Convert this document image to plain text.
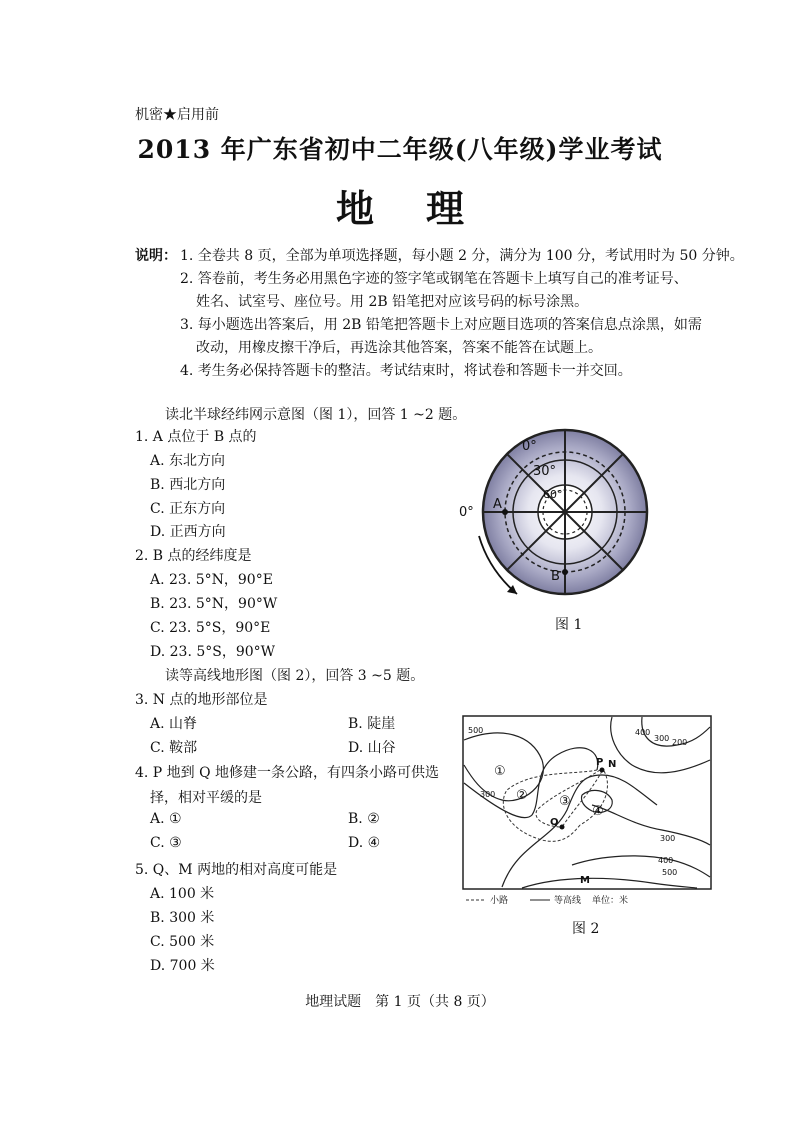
机密★启用前
2013 年广东省初中二年级(八年级)学业考试
地理
说明： 1. 全卷共 8 页，全部为单项选择题，每小题 2 分，满分为 100 分，考试用时为 50 分钟。
2. 答卷前，考生务必用黑色字迹的签字笔或钢笔在答题卡上填写自己的准考证号、
姓名、试室号、座位号。用 2B 铅笔把对应该号码的标号涂黑。
3. 每小题选出答案后，用 2B 铅笔把答题卡上对应题目选项的答案信息点涂黑，如需
改动，用橡皮擦干净后，再选涂其他答案，答案不能答在试题上。
4. 考生务必保持答题卡的整洁。考试结束时，将试卷和答题卡一并交回。
读北半球经纬网示意图（图 1），回答 1 ~2 题。
1. A 点位于 B 点的
A. 东北方向
B. 西北方向
C. 正东方向
D. 正西方向
2. B 点的经纬度是
A. 23. 5°N，90°E
B. 23. 5°N，90°W
C. 23. 5°S，90°E
D. 23. 5°S，90°W
读等高线地形图（图 2），回答 3 ~5 题。
3. N 点的地形部位是
A. 山脊	B. 陡崖
C. 鞍部	D. 山谷
4. P 地到 Q 地修建一条公路，有四条小路可供选
择，相对平缓的是
A. ①	B. ②
C. ③	D. ④
5. Q、M 两地的相对高度可能是
A. 100 米
B. 300 米
C. 500 米
D. 700 米
0°
30°
60°
0°
A
B
图 1
P N
Q
M
①
② ③
④
400
300 200
500
300
400
500
300
小路	等高线 单位：米
图 2
地理试题　第 1 页（共 8 页）
